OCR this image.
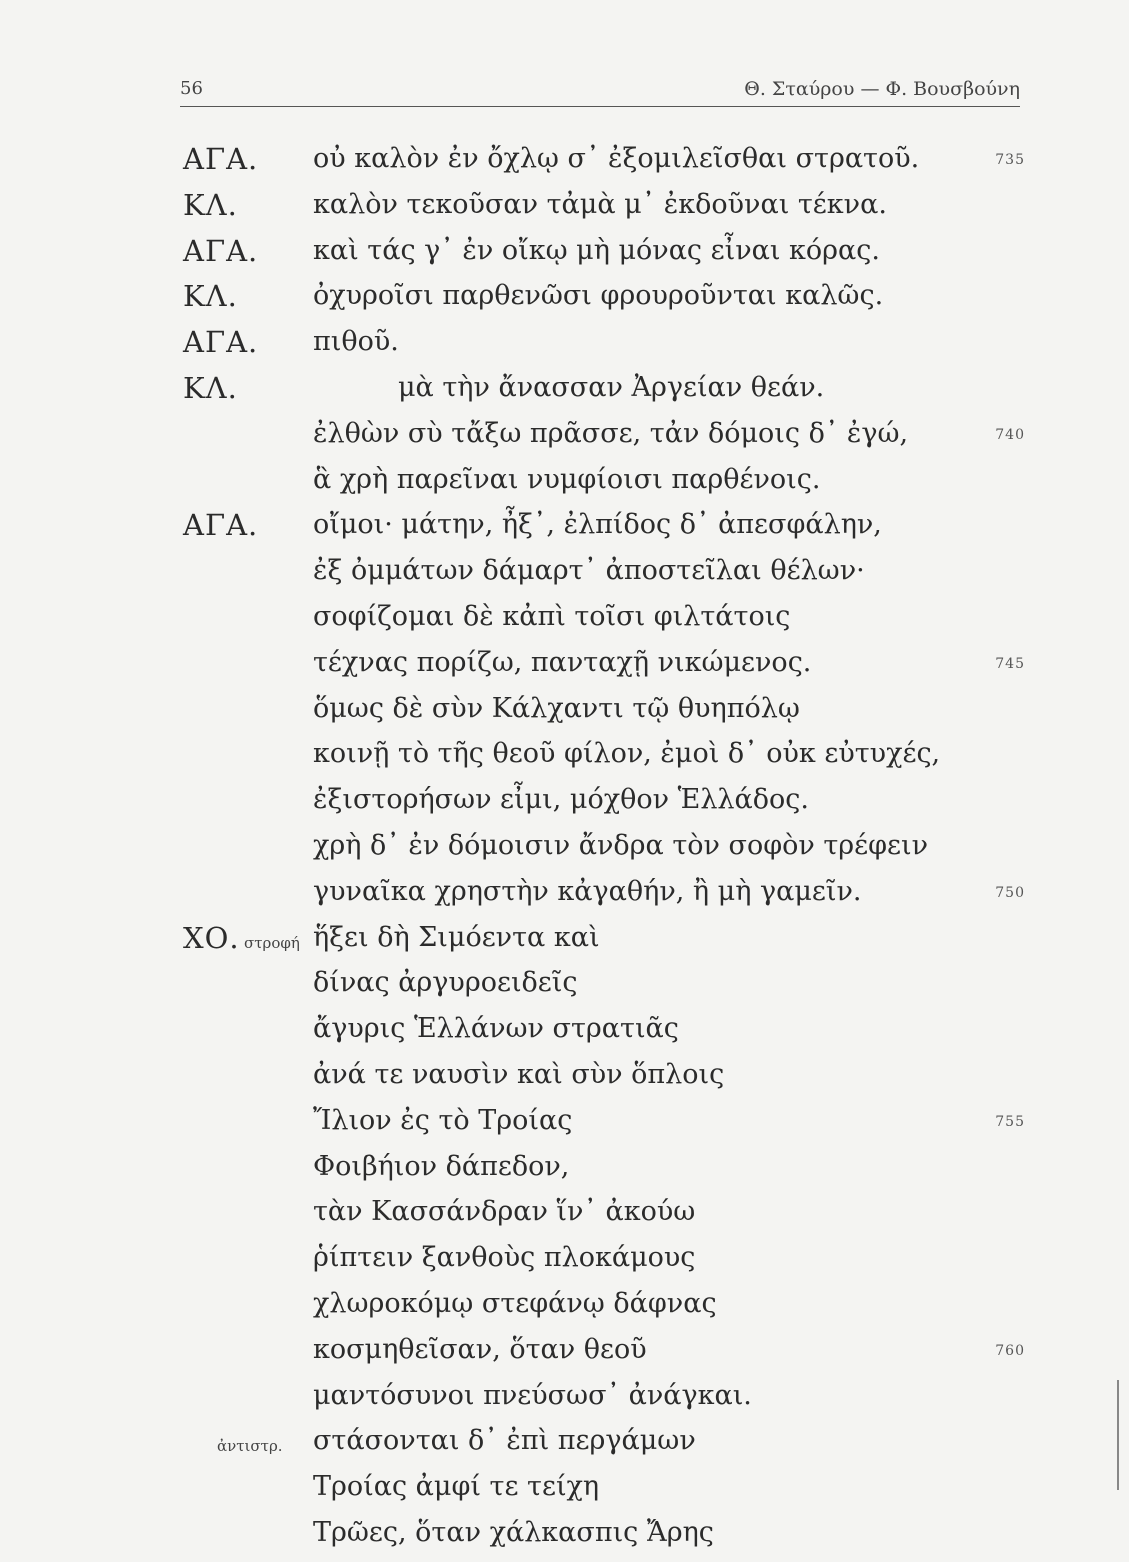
56	Θ. Σταύρου — Φ. Βουσβούνη
ΑΓΑ. οὐ καλὸν ἐν ὄχλῳ σ᾽ ἐξομιλεῖσθαι στρατοῦ.	735
ΚΛ.	καλὸν τεκοῦσαν τἀμὰ μ᾽ ἐκδοῦναι τέκνα.
ΑΓΑ. καὶ τάς γ᾽ ἐν οἴκῳ μὴ μόνας εἶναι κόρας.
ΚΛ.	ὀχυροῖσι παρθενῶσι φρουροῦνται καλῶς.
ΑΓΑ. πιθοῦ.
ΚΛ.	μὰ τὴν ἄνασσαν Ἀργείαν θεάν.
ἐλθὼν σὺ τἄξω πρᾶσσε, τἀν δόμοις δ᾽ ἐγώ,	740
ἃ χρὴ παρεῖναι νυμφίοισι παρθένοις.
ΑΓΑ. οἴμοι· μάτην, ἦξ᾽, ἐλπίδος δ᾽ ἀπεσφάλην,
ἐξ ὀμμάτων δάμαρτ᾽ ἀποστεῖλαι θέλων·
σοφίζομαι δὲ κἀπὶ τοῖσι φιλτάτοις
τέχνας πορίζω, πανταχῇ νικώμενος.	745
ὅμως δὲ σὺν Κάλχαντι τῷ θυηπόλῳ
κοινῇ τὸ τῆς θεοῦ φίλον, ἐμοὶ δ᾽ οὐκ εὐτυχές,
ἐξιστορήσων εἶμι, μόχθον Ἑλλάδος.
χρὴ δ᾽ ἐν δόμοισιν ἄνδρα τὸν σοφὸν τρέφειν
γυναῖκα χρηστὴν κἀγαθήν, ἢ μὴ γαμεῖν.	750
ΧΟ. στροφή ἥξει δὴ Σιμόεντα καὶ
δίνας ἀργυροειδεῖς
ἄγυρις Ἑλλάνων στρατιᾶς
ἀνά τε ναυσὶν καὶ σὺν ὅπλοις
Ἴλιον ἐς τὸ Τροίας	755
Φοιβήιον δάπεδον,
τὰν Κασσάνδραν ἵν᾽ ἀκούω
ῥίπτειν ξανθοὺς πλοκάμους
χλωροκόμῳ στεφάνῳ δάφνας
κοσμηθεῖσαν, ὅταν θεοῦ	760
μαντόσυνοι πνεύσωσ᾽ ἀνάγκαι.
ἀντιστρ. στάσονται δ᾽ ἐπὶ περγάμων
Τροίας ἀμφί τε τείχη
Τρῶες, ὅταν χάλκασπις Ἄρης
